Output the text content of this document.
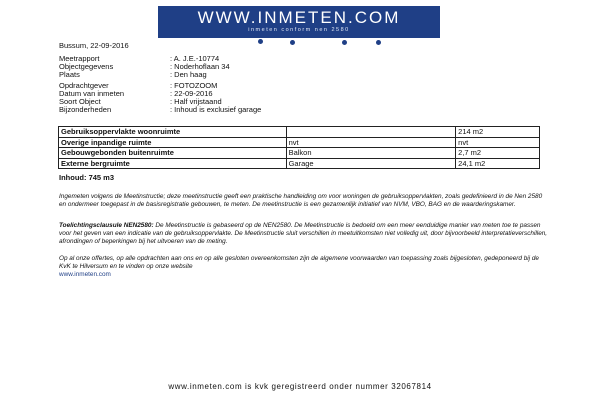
WWW.INMETEN.COM
inmeten conform nen 2580
Bussum, 22-09-2016
Meetrapport	: A. J.E.-10774
Objectgegevens	: Noderhoflaan 34
Plaats	: Den haag
Opdrachtgever	: FOTOZOOM
Datum van inmeten	: 22-09-2016
Soort Object	: Half vrijstaand
Bijzonderheden	: Inhoud is exclusief garage
Gebruiksoppervlakte woonruimte		214 m2
Overige inpandige ruimte	nvt	nvt
Gebouwgebonden buitenruimte	Balkon	2,7 m2
Externe bergruimte	Garage	24,1 m2
Inhoud: 745 m3

Ingemeten volgens de Meetinstructie; deze meetinstructie geeft een praktische handleiding om voor woningen de gebruiksoppervlakten, zoals gedefinieerd in de Nen 2580 en ondermeer toegepast in de basisregistratie gebouwen, te meten. De meetinstructie is een gezamenlijk initiatief van NVM, VBO, BAG en de waarderingskamer.

Toelichtingsclausule NEN2580: De Meetinstructie is gebaseerd op de NEN2580. De Meetinstructie is bedoeld om een meer eenduidige manier van meten toe te passen voor het geven van een indicatie van de gebruiksoppervlakte. De Meetinstructie sluit verschillen in meetuitkomsten niet volledig uit, door bijvoorbeeld interpretatieverschillen, afrondingen of beperkingen bij het uitvoeren van de meting.

Op al onze offertes, op alle opdrachten aan ons en op alle gesloten overeenkomsten zijn de algemene voorwaarden van toepassing zoals bijgesloten, gedeponeerd bij de KvK te Hilversum en te vinden op onze website
www.inmeten.com

www.inmeten.com is kvk geregistreerd onder nummer 32067814
